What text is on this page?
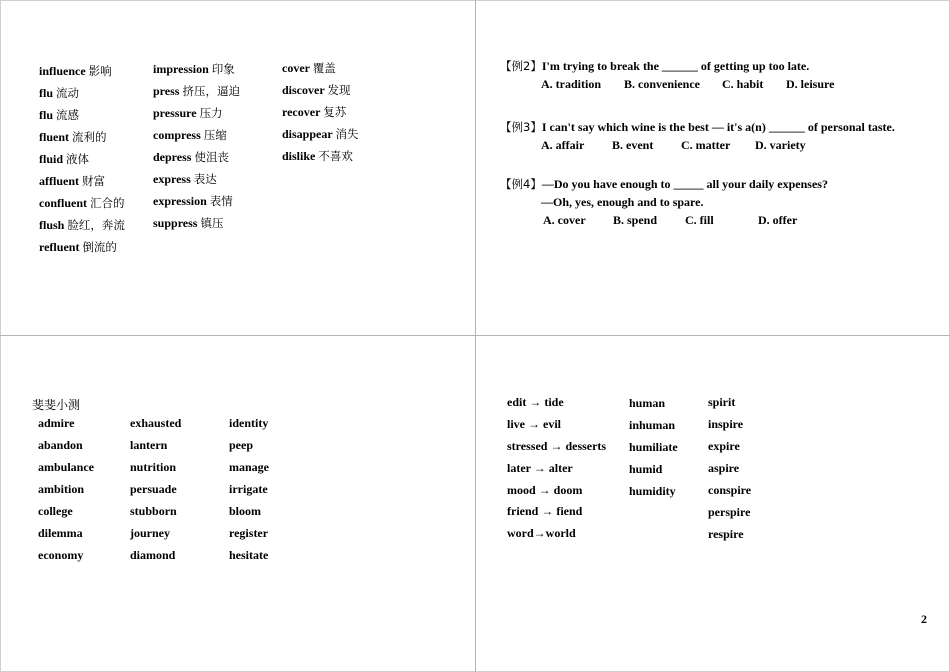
influence 影响
flu 流动
flu 流感
fluent 流利的
fluid 液体
affluent 财富
confluent 汇合的
flush 脸红，奔流
refluent 倒流的
impression 印象
press 挤压，逼迫
pressure 压力
compress 压缩
depress 使沮丧
express 表达
expression 表情
suppress 镇压
cover 覆盖
discover 发现
recover 复苏
disappear 消失
dislike 不喜欢
【例2】I'm trying to break the ______ of getting up too late.
A. tradition B. convenience C. habit D. leisure
【例3】I can't say which wine is the best — it's a(n) ______ of personal taste.
A. affair B. event C. matter D. variety
【例4】—Do you have enough to _____ all your daily expenses?
—Oh, yes, enough and to spare.
A. cover B. spend C. fill	D. offer
斐斐小测
admire
abandon
ambulance
ambition
college
dilemma
economy
exhausted
lantern
nutrition
persuade
stubborn
journey
diamond
identity
peep
manage
irrigate
bloom
register
hesitate
edit → tide
live → evil
stressed → desserts
later → alter
mood → doom
friend → fiend
word→world
human
inhuman
humiliate
humid
humidity
spirit
inspire
expire
aspire
conspire
perspire
respire
2
